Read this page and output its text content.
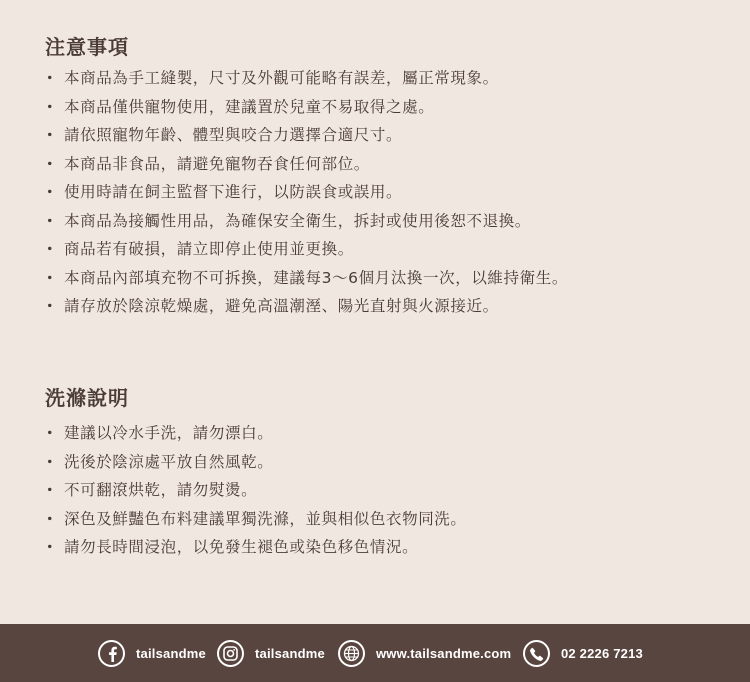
注意事項
・ 本商品為手工縫製，尺寸及外觀可能略有誤差，屬正常現象。
・ 本商品僅供寵物使用，建議置於兒童不易取得之處。
・ 請依照寵物年齡、體型與咬合力選擇合適尺寸。
・ 本商品非食品，請避免寵物吞食任何部位。
・ 使用時請在飼主監督下進行，以防誤食或誤用。
・ 本商品為接觸性用品，為確保安全衛生，拆封或使用後恕不退換。
・ 商品若有破損，請立即停止使用並更換。
・ 本商品內部填充物不可拆換，建議每3～6個月汰換一次，以維持衛生。
・ 請存放於陰涼乾燥處，避免高溫潮溼、陽光直射與火源接近。
洗滌說明
・ 建議以冷水手洗，請勿漂白。
・ 洗後於陰涼處平放自然風乾。
・ 不可翻滾烘乾，請勿熨燙。
・ 深色及鮮豔色布料建議單獨洗滌，並與相似色衣物同洗。
・ 請勿長時間浸泡，以免發生褪色或染色移色情況。
tailsandme	tailsandme	www.tailsandme.com	02 2226 7213
